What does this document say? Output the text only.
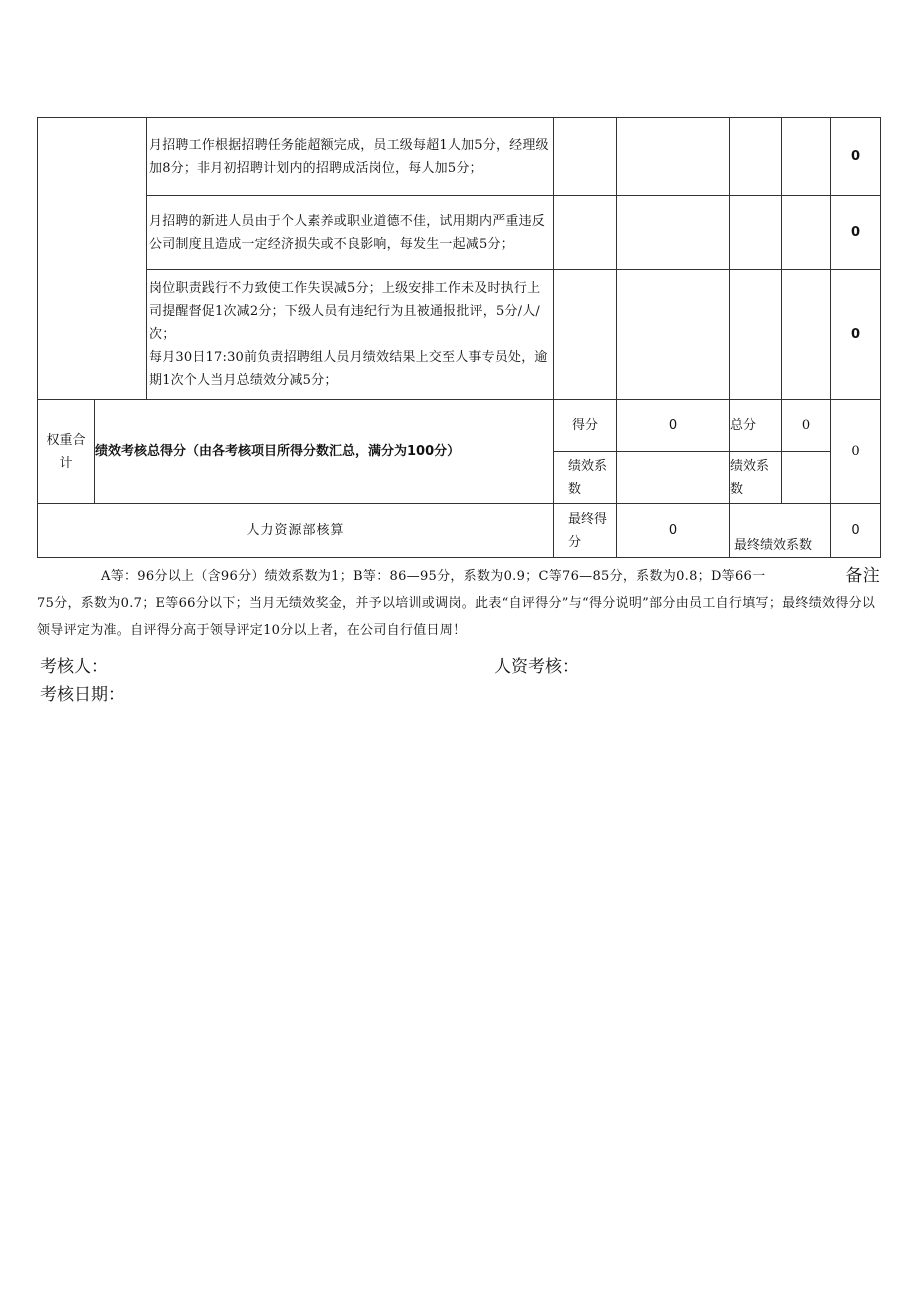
		月招聘工作根据招聘任务能超额完成，员工级每超1人加5分，经理级加8分；非月初招聘计划内的招聘成活岗位，每人加5分；					0
		月招聘的新进人员由于个人素养或职业道德不佳，试用期内严重违反公司制度且造成一定经济损失或不良影响，每发生一起减5分；					0

		岗位职责践行不力致使工作失误减5分；上级安排工作未及时执行上司提醒督促1次减2分；下级人员有违纪行为且被通报批评，5分/人/次；
每月30日17:30前负责招聘组人员月绩效结果上交至人事专员处，逾期1次个人当月总绩效分减5分；					0
权重合计	绩效考核总得分（由各考核项目所得分数汇总，满分为100分）		得分	0	总分	0	0
			绩效系数		绩效系数		
人力资源部核算			最终得分	0	最终绩效系数		0
备注
A等：96分以上（含96分）绩效系数为1；B等：86—95分，系数为0.9；C等76—85分，系数为0.8；D等66一75分，系数为0.7；E等66分以下；当月无绩效奖金，并予以培训或调岗。此表“自评得分”与“得分说明”部分由员工自行填写；最终绩效得分以领导评定为准。自评得分高于领导评定10分以上者，在公司自行值日周！
考核人：	人资考核：
考核日期：
